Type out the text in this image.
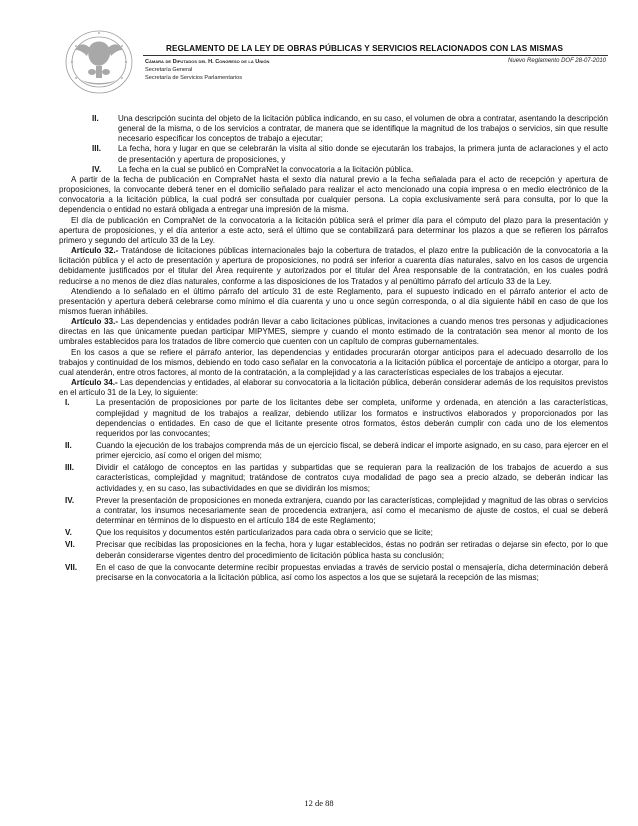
REGLAMENTO DE LA LEY DE OBRAS PÚBLICAS Y SERVICIOS RELACIONADOS CON LAS MISMAS
Cámara de Diputados del H. Congreso de la Unión
Secretaría General
Secretaría de Servicios Parlamentarios
Nuevo Reglamento DOF 28-07-2010
II.	Una descripción sucinta del objeto de la licitación pública indicando, en su caso, el volumen de obra a contratar, asentando la descripción general de la misma, o de los servicios a contratar, de manera que se identifique la magnitud de los trabajos o servicios, sin que resulte necesario especificar los conceptos de trabajo a ejecutar;
III.	La fecha, hora y lugar en que se celebrarán la visita al sitio donde se ejecutarán los trabajos, la primera junta de aclaraciones y el acto de presentación y apertura de proposiciones, y
IV.	La fecha en la cual se publicó en CompraNet la convocatoria a la licitación pública.

A partir de la fecha de publicación en CompraNet hasta el sexto día natural previo a la fecha señalada para el acto de recepción y apertura de proposiciones, la convocante deberá tener en el domicilio señalado para realizar el acto mencionado una copia impresa o en medio electrónico de la convocatoria a la licitación pública, la cual podrá ser consultada por cualquier persona. La copia exclusivamente será para consulta, por lo que la dependencia o entidad no estará obligada a entregar una impresión de la misma.

El día de publicación en CompraNet de la convocatoria a la licitación pública será el primer día para el cómputo del plazo para la presentación y apertura de proposiciones, y el día anterior a este acto, será el último que se contabilizará para determinar los plazos a que se refieren los párrafos primero y segundo del artículo 33 de la Ley.

Artículo 32.- Tratándose de licitaciones públicas internacionales bajo la cobertura de tratados, el plazo entre la publicación de la convocatoria a la licitación pública y el acto de presentación y apertura de proposiciones, no podrá ser inferior a cuarenta días naturales, salvo en los casos de urgencia debidamente justificados por el titular del Área requirente y autorizados por el titular del Área responsable de la contratación, en los cuales podrá reducirse a no menos de diez días naturales, conforme a las disposiciones de los Tratados y al penúltimo párrafo del artículo 33 de la Ley.

Atendiendo a lo señalado en el último párrafo del artículo 31 de este Reglamento, para el supuesto indicado en el párrafo anterior el acto de presentación y apertura deberá celebrarse como mínimo el día cuarenta y uno u once según corresponda, o al día siguiente hábil en caso de que los mismos fueran inhábiles.

Artículo 33.- Las dependencias y entidades podrán llevar a cabo licitaciones públicas, invitaciones a cuando menos tres personas y adjudicaciones directas en las que únicamente puedan participar MIPYMES, siempre y cuando el monto estimado de la contratación sea menor al monto de los umbrales establecidos para los tratados de libre comercio que cuenten con un capítulo de compras gubernamentales.

En los casos a que se refiere el párrafo anterior, las dependencias y entidades procurarán otorgar anticipos para el adecuado desarrollo de los trabajos y continuidad de los mismos, debiendo en todo caso señalar en la convocatoria a la licitación pública el porcentaje de anticipo a otorgar, para lo cual atenderán, entre otros factores, al monto de la contratación, a la complejidad y a las características especiales de los trabajos a ejecutar.

Artículo 34.- Las dependencias y entidades, al elaborar su convocatoria a la licitación pública, deberán considerar además de los requisitos previstos en el artículo 31 de la Ley, lo siguiente:

I.	La presentación de proposiciones por parte de los licitantes debe ser completa, uniforme y ordenada, en atención a las características, complejidad y magnitud de los trabajos a realizar, debiendo utilizar los formatos e instructivos elaborados y proporcionados por las dependencias o entidades. En caso de que el licitante presente otros formatos, éstos deberán cumplir con cada uno de los elementos requeridos por las convocantes;
II.	Cuando la ejecución de los trabajos comprenda más de un ejercicio fiscal, se deberá indicar el importe asignado, en su caso, para ejercer en el primer ejercicio, así como el origen del mismo;
III.	Dividir el catálogo de conceptos en las partidas y subpartidas que se requieran para la realización de los trabajos de acuerdo a sus características, complejidad y magnitud; tratándose de contratos cuya modalidad de pago sea a precio alzado, se deberán indicar las actividades y, en su caso, las subactividades en que se dividirán los mismos;
IV.	Prever la presentación de proposiciones en moneda extranjera, cuando por las características, complejidad y magnitud de las obras o servicios a contratar, los insumos necesariamente sean de procedencia extranjera, así como el mecanismo de ajuste de costos, el cual se deberá determinar en términos de lo dispuesto en el artículo 184 de este Reglamento;
V.	Que los requisitos y documentos estén particularizados para cada obra o servicio que se licite;
VI.	Precisar que recibidas las proposiciones en la fecha, hora y lugar establecidos, éstas no podrán ser retiradas o dejarse sin efecto, por lo que deberán considerarse vigentes dentro del procedimiento de licitación pública hasta su conclusión;
VII.	En el caso de que la convocante determine recibir propuestas enviadas a través de servicio postal o mensajería, dicha determinación deberá precisarse en la convocatoria a la licitación pública, así como los aspectos a los que se sujetará la recepción de las mismas;
12 de 88
